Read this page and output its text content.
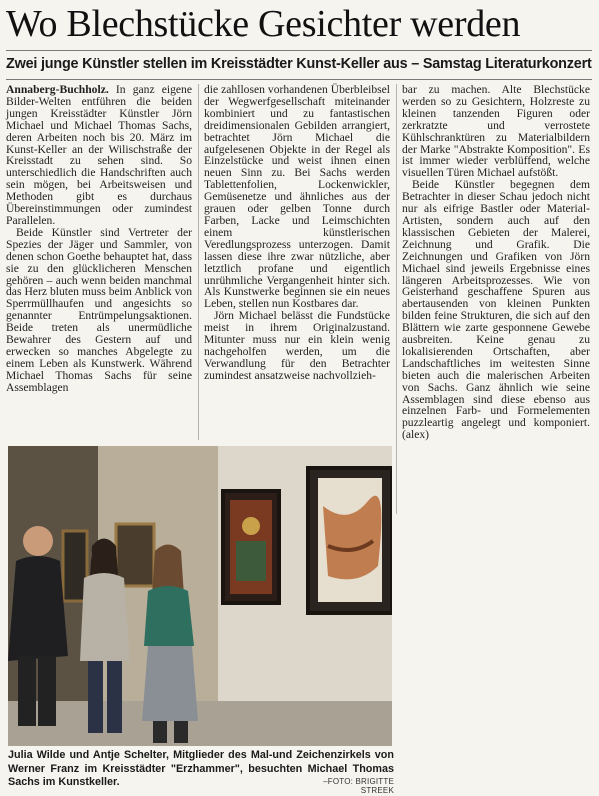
Wo Blechstücke Gesichter werden
Zwei junge Künstler stellen im Kreisstädter Kunst-Keller aus – Samstag Literaturkonzert

Annaberg-Buchholz. In ganz eigene Bilder-Welten entführen die beiden jungen Kreisstädter Künstler Jörn Michael und Michael Thomas Sachs, deren Arbeiten noch bis 20. März im Kunst-Keller an der Wilischstraße der Kreisstadt zu sehen sind. So unterschiedlich die Handschriften auch sein mögen, bei Arbeitsweisen und Methoden gibt es durchaus Übereinstimmungen oder zumindest Parallelen.

Beide Künstler sind Vertreter der Spezies der Jäger und Sammler, von denen schon Goethe behauptet hat, dass sie zu den glücklicheren Menschen gehören – auch wenn beiden manchmal das Herz bluten muss beim Anblick von Sperrmüllhaufen und angesichts so genannter Entrümpelungsaktionen. Beide treten als unermüdliche Bewahrer des Gestern auf und erwecken so manches Abgelegte zu einem Leben als Kunstwerk. Während Michael Thomas Sachs für seine Assemblagen

die zahllosen vorhandenen Überbleibsel der Wegwerfgesellschaft miteinander kombiniert und zu fantastischen dreidimensionalen Gebilden arrangiert, betrachtet Jörn Michael die aufgelesenen Objekte in der Regel als Einzelstücke und weist ihnen einen neuen Sinn zu. Bei Sachs werden Tablettenfolien, Lockenwickler, Gemüsenetze und ähnliches aus der grauen oder gelben Tonne durch Farben, Lacke und Leimschichten einem künstlerischen Veredlungsprozess unterzogen. Damit lassen diese ihre zwar nützliche, aber letztlich profane und eigentlich unrühmliche Vergangenheit hinter sich. Als Kunstwerke beginnen sie ein neues Leben, stellen nun Kostbares dar.

Jörn Michael belässt die Fundstücke meist in ihrem Originalzustand. Mitunter muss nur ein klein wenig nachgeholfen werden, um die Verwandlung für den Betrachter zumindest ansatzweise nachvollzieh-

bar zu machen. Alte Blechstücke werden so zu Gesichtern, Holzreste zu kleinen tanzenden Figuren oder zerkratzte und verrostete Kühlschranktüren zu Materialbildern der Marke "Abstrakte Komposition". Es ist immer wieder verblüffend, welche visuellen Türen Michael aufstößt.

Beide Künstler begegnen dem Betrachter in dieser Schau jedoch nicht nur als eifrige Bastler oder Material-Artisten, sondern auch auf den klassischen Gebieten der Malerei, Zeichnung und Grafik. Die Zeichnungen und Grafiken von Jörn Michael sind jeweils Ergebnisse eines längeren Arbeitsprozesses. Wie von Geisterhand geschaffene Spuren aus abertausenden von kleinen Punkten bilden feine Strukturen, die sich auf den Blättern wie zarte gesponnene Gewebe ausbreiten. Keine genau zu lokalisierenden Ortschaften, aber Landschaftliches im weitesten Sinne bieten auch die malerischen Arbeiten von Sachs. Ganz ähnlich wie seine Assemblagen sind diese ebenso aus einzelnen Farb- und Formelementen puzzleartig angelegt und komponiert. (alex)

Julia Wilde und Antje Schelter, Mitglieder des Mal-und Zeichenzirkels von Werner Franz im Kreisstädter "Erzhammer", besuchten Michael Thomas Sachs im Kunstkeller.	–FOTO: BRIGITTE STREEK
